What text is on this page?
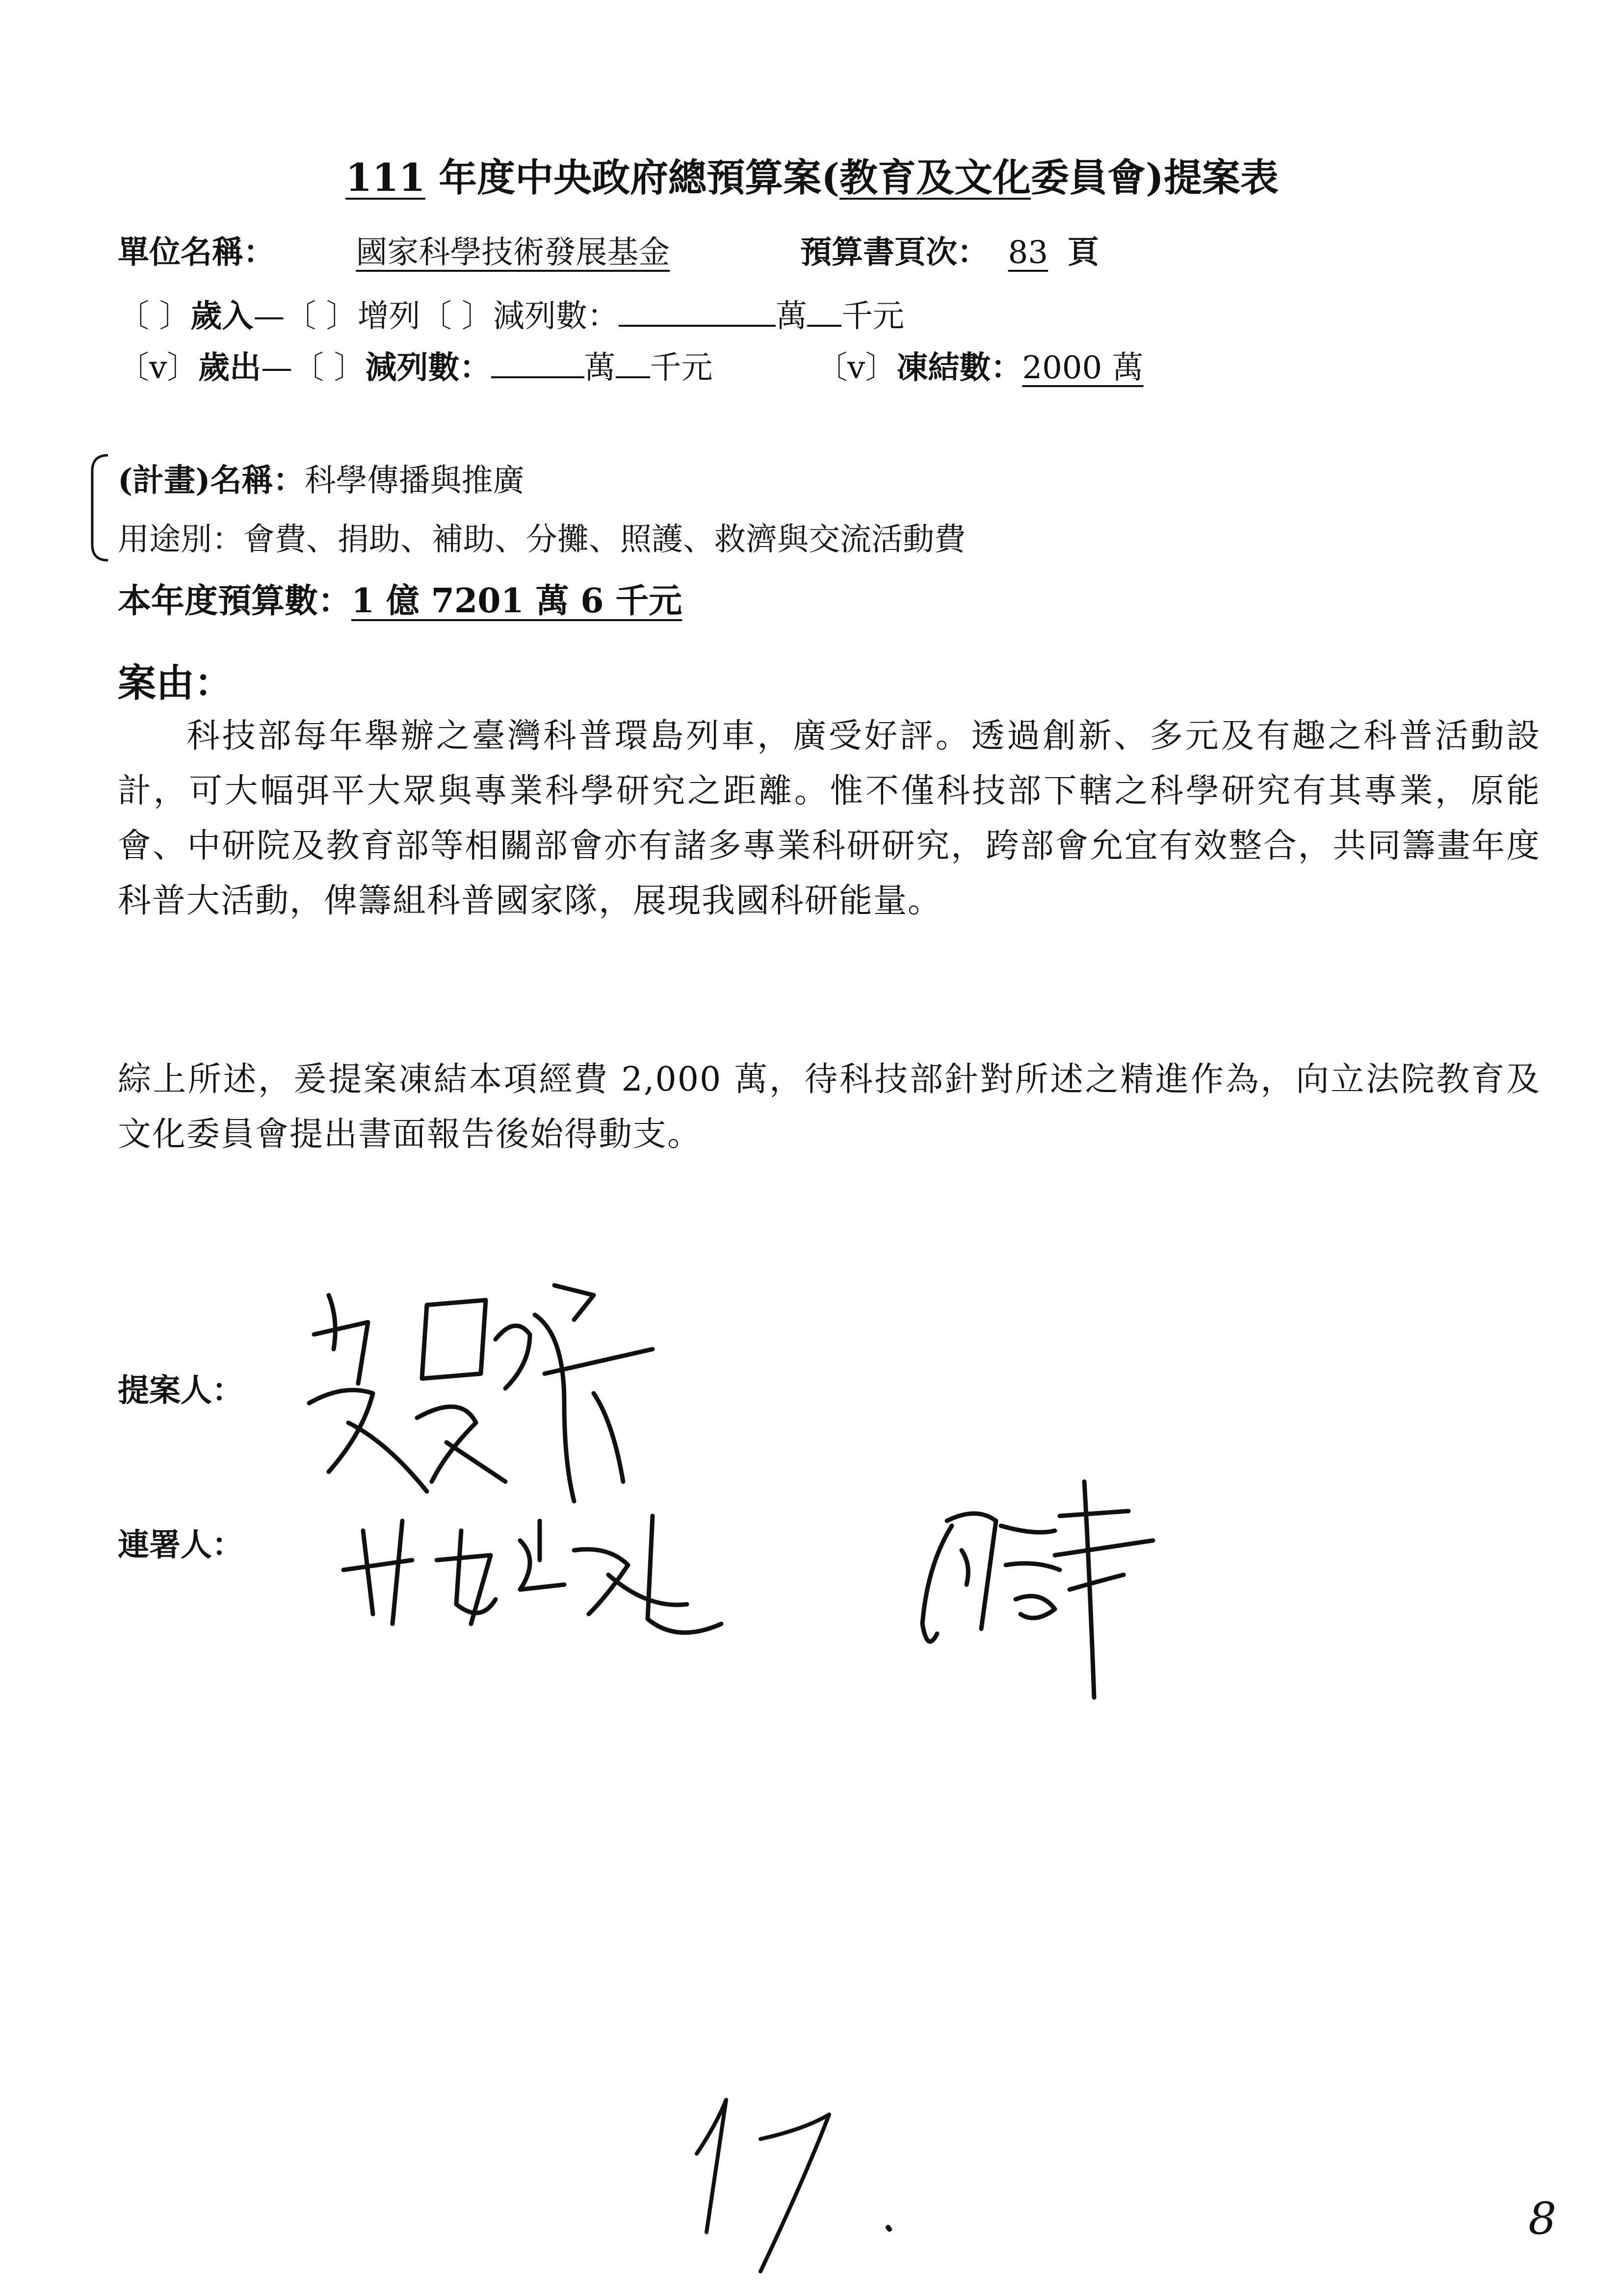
111 年度中央政府總預算案(教育及文化委員會)提案表
單位名稱：	國家科學技術發展基金	預算書頁次： 83 頁
〔 〕歲入—〔 〕增列〔 〕減列數：	萬 千元
〔v〕歲出—〔 〕減列數：	萬 千元	〔v〕凍結數：2000 萬
(計畫)名稱：科學傳播與推廣
用途別：會費、捐助、補助、分攤、照護、救濟與交流活動費
本年度預算數：1 億 7201 萬 6 千元
案由：
科技部每年舉辦之臺灣科普環島列車，廣受好評。透過創新、多元及有趣之科普活動設計，可大幅弭平大眾與專業科學研究之距離。惟不僅科技部下轄之科學研究有其專業，原能會、中研院及教育部等相關部會亦有諸多專業科研研究，跨部會允宜有效整合，共同籌畫年度科普大活動，俾籌組科普國家隊，展現我國科研能量。
綜上所述，爰提案凍結本項經費 2,000 萬，待科技部針對所述之精進作為，向立法院教育及文化委員會提出書面報告後始得動支。
提案人：
連署人：
8
